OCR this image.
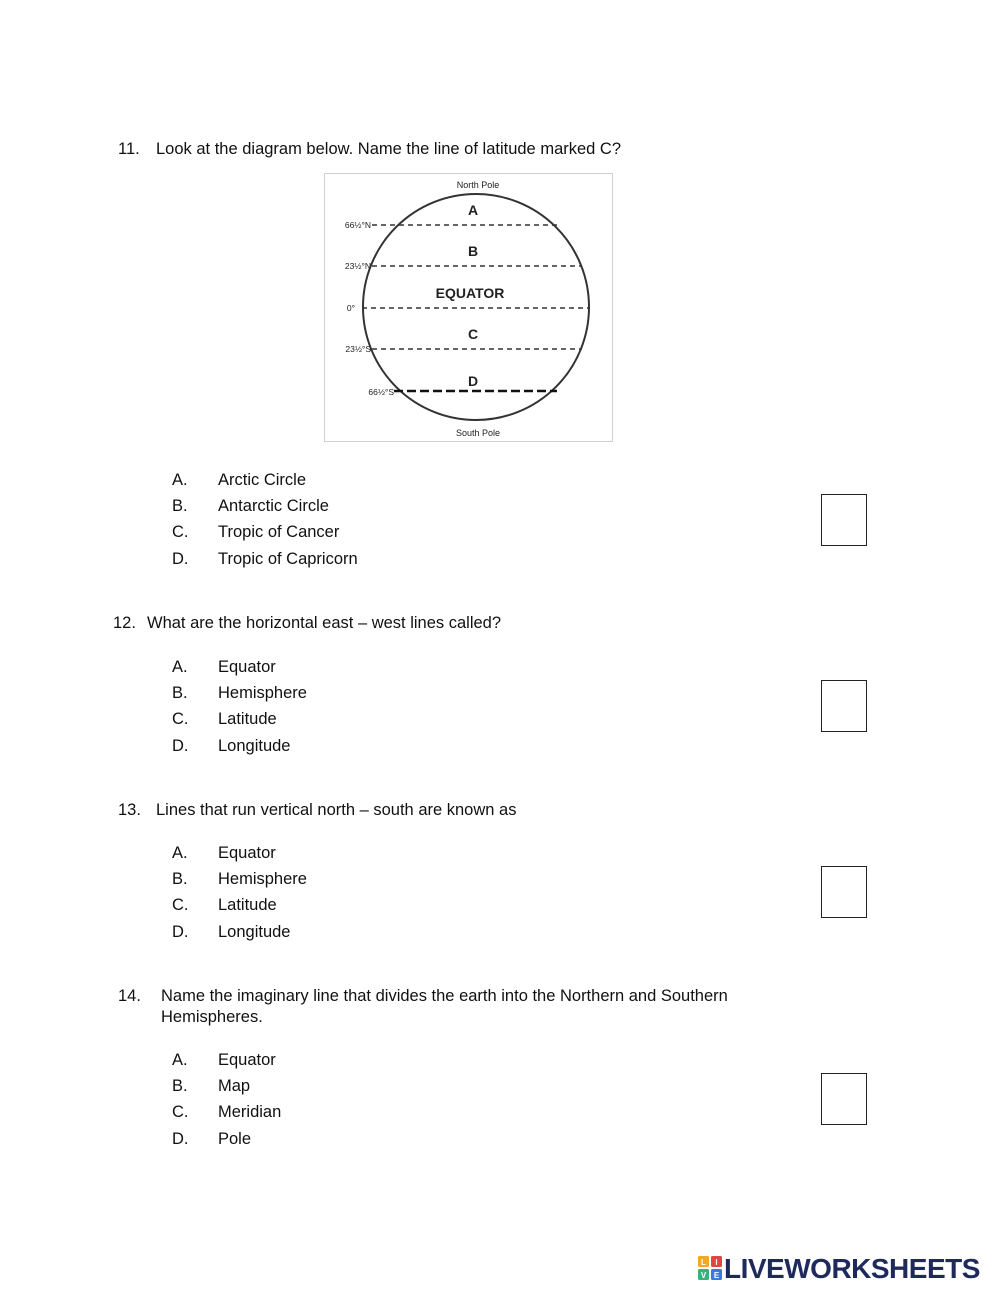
11. Look at the diagram below. Name the line of latitude marked C?

North Pole
South Pole
A
B
EQUATOR
C
D
66½°N
23½°N
0°
23½°S
66½°S
A. Arctic Circle
B. Antarctic Circle
C. Tropic of Cancer
D. Tropic of Capricorn

12. What are the horizontal east – west lines called?

A. Equator
B. Hemisphere
C. Latitude
D. Longitude

13. Lines that run vertical north – south are known as

A. Equator
B. Hemisphere
C. Latitude
D. Longitude
14. Name the imaginary line that divides the earth into the Northern and Southern
Hemispheres.
A. Equator
B. Map
C. Meridian
D. Pole
L I
V E LIVEWORKSHEETS
